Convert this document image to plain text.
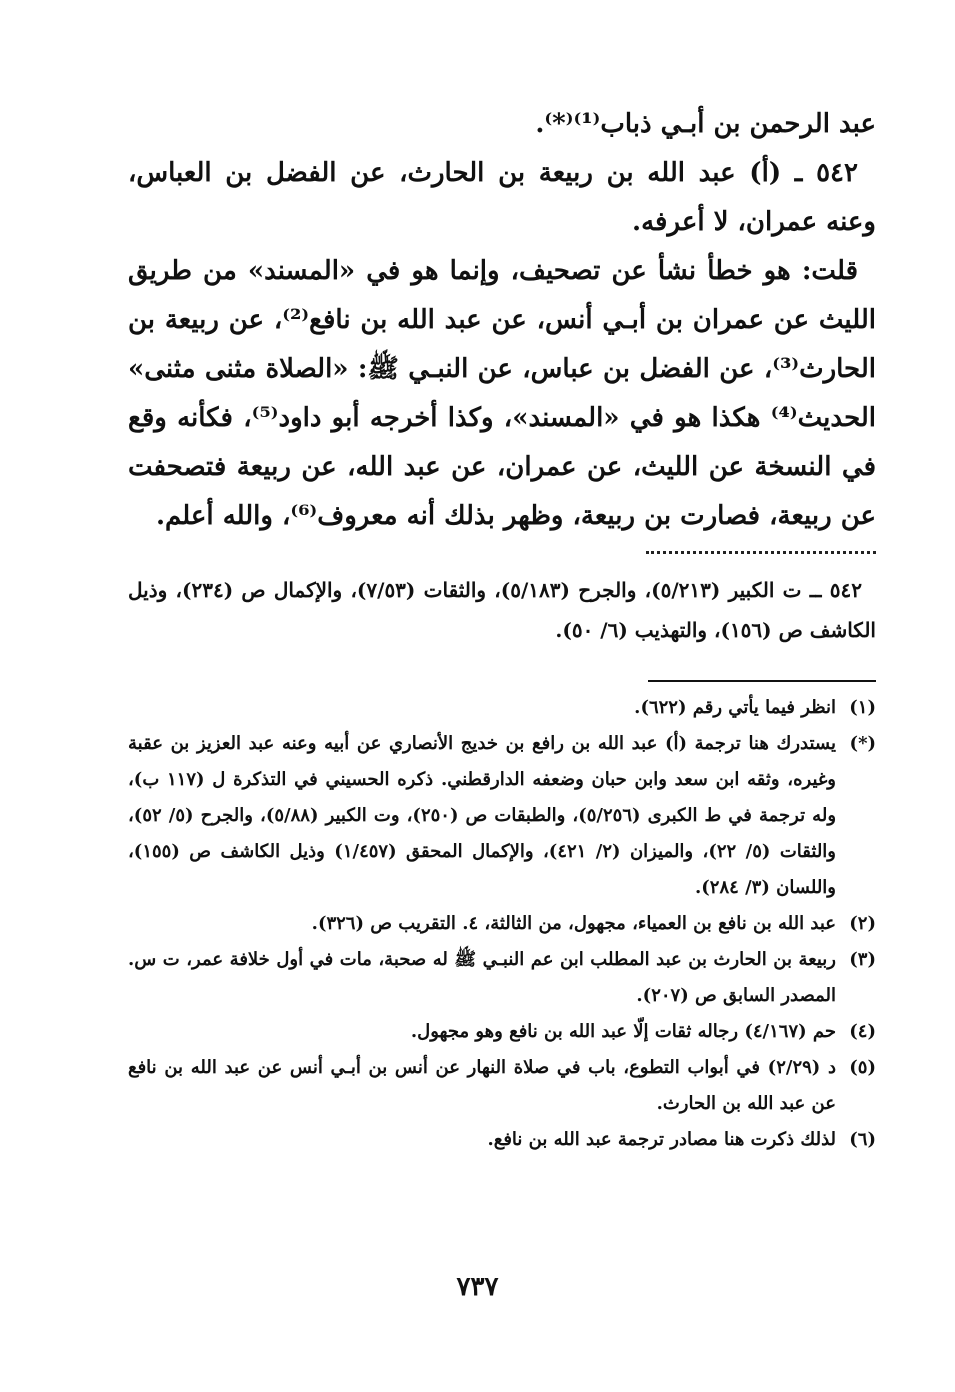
عبد الرحمن بن أبـي ذباب⁽¹⁾⁽*⁾.

٥٤٢ ـ (أ) عبد الله بن ربيعة بن الحارث، عن الفضل بن العباس، وعنه عمران، لا أعرفه.

قلت: هو خطأ نشأ عن تصحيف، وإنما هو في «المسند» من طريق الليث عن عمران بن أبـي أنس، عن عبد الله بن نافع⁽²⁾، عن ربيعة بن الحارث⁽³⁾، عن الفضل بن عباس، عن النبـي ﷺ: «الصلاة مثنى مثنى» الحديث⁽⁴⁾ هكذا هو في «المسند»، وكذا أخرجه أبو داود⁽⁵⁾، فكأنه وقع في النسخة عن الليث، عن عمران، عن عبد الله، عن ربيعة فتصحفت عن ربيعة، فصارت بن ربيعة، وظهر بذلك أنه معروف⁽⁶⁾، والله أعلم.

٥٤٢ ــ ت الكبير (٥/٢١٣)، والجرح (٥/١٨٣)، والثقات (٧/٥٣)، والإكمال ص (٢٣٤)، وذيل الكاشف ص (١٥٦)، والتهذيب (٦/ ٥٠).

(١)
انظر فيما يأتي رقم (٦٢٢).
(*)
يستدرك هنا ترجمة (أ) عبد الله بن رافع بن خديج الأنصاري عن أبيه وعنه عبد العزيز بن عقبة وغيره، وثقه ابن سعد وابن حبان وضعفه الدارقطني. ذكره الحسيني في التذكرة ل (١١٧ ب)، وله ترجمة في ط الكبرى (٥/٢٥٦)، والطبقات ص (٢٥٠)، وت الكبير (٥/٨٨)، والجرح (٥/ ٥٢)، والثقات (٥/ ٢٢)، والميزان (٢/ ٤٢١)، والإكمال المحقق (١/٤٥٧) وذيل الكاشف ص (١٥٥)، واللسان (٣/ ٢٨٤).
(٢)
عبد الله بن نافع بن العمياء، مجهول، من الثالثة، ٤. التقريب ص (٣٢٦).
(٣)
ربيعة بن الحارث بن عبد المطلب ابن عم النبـي ﷺ له صحبة، مات في أول خلافة عمر، ت س. المصدر السابق ص (٢٠٧).
(٤)
حم (٤/١٦٧) رجاله ثقات إلّا عبد الله بن نافع وهو مجهول.
(٥)
د (٢/٢٩) في أبواب التطوع، باب في صلاة النهار عن أنس بن أبـي أنس عن عبد الله بن نافع عن عبد الله بن الحارث.
(٦)
لذلك ذكرت هنا مصادر ترجمة عبد الله بن نافع.
٧٣٧
